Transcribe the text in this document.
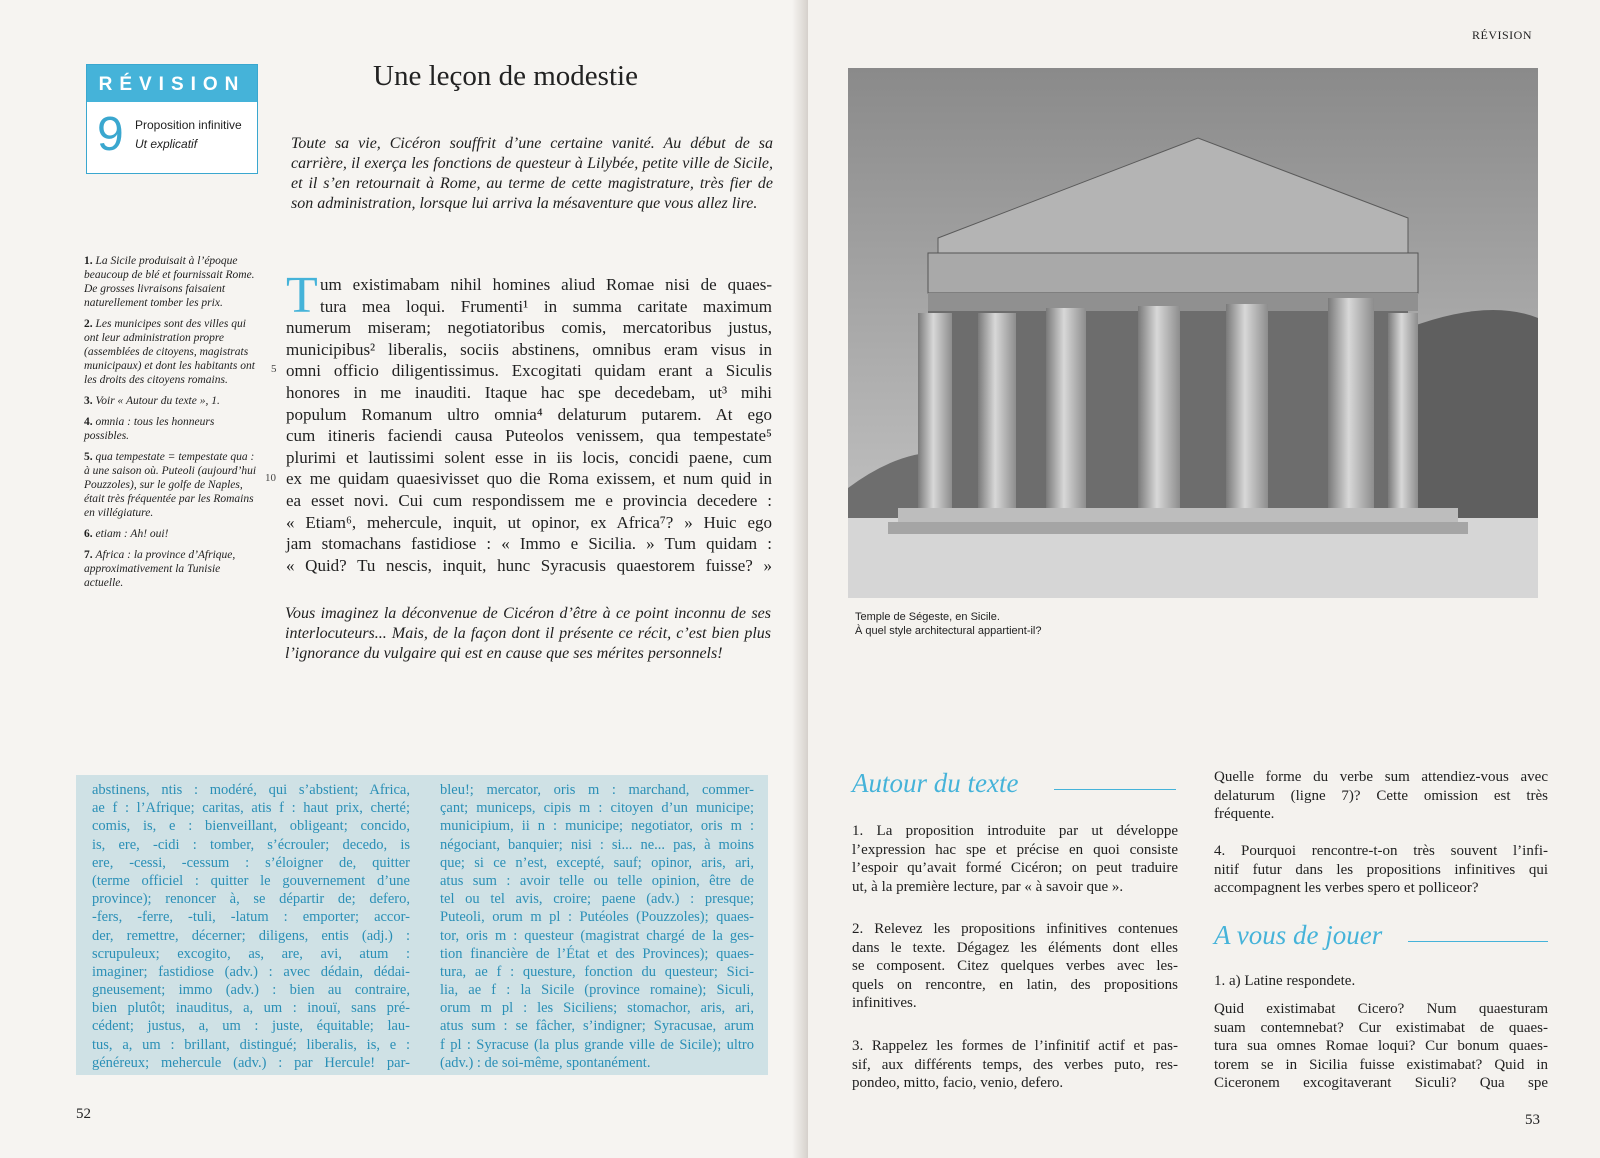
RÉVISION
9 Proposition infinitive
Ut explicatif
Une leçon de modestie
Toute sa vie, Cicéron souffrit d’une certaine vanité. Au début de sa carrière, il exerça les fonctions de questeur à Lilybée, petite ville de Sicile, et il s’en retournait à Rome, au terme de cette magistrature, très fier de son administration, lorsque lui arriva la mésaventure que vous allez lire.
1. La Sicile produisait à l’époque beaucoup de blé et fournissait Rome. De grosses livraisons faisaient naturellement tomber les prix.
2. Les municipes sont des villes qui ont leur administration propre (assemblées de citoyens, magistrats municipaux) et dont les habitants ont les droits des citoyens romains.
3. Voir « Autour du texte », 1.
4. omnia : tous les honneurs possibles.
5. qua tempestate = tempestate qua : à une saison où. Puteoli (aujourd’hui Pouzzoles), sur le golfe de Naples, était très fréquentée par les Romains en villégiature.
6. etiam : Ah! oui!
7. Africa : la province d’Afrique, approximativement la Tunisie actuelle.
T um existimabam nihil homines aliud Romae nisi de quaes-
tura mea loqui. Frumenti¹ in summa caritate maximum
numerum miseram; negotiatoribus comis, mercatoribus justus,
municipibus² liberalis, sociis abstinens, omnibus eram visus in
omni officio diligentissimus. Excogitati quidam erant a Siculis
honores in me inauditi. Itaque hac spe decedebam, ut³ mihi
populum Romanum ultro omnia⁴ delaturum putarem. At ego
cum itineris faciendi causa Puteolos venissem, qua tempestate⁵
plurimi et lautissimi solent esse in iis locis, concidi paene, cum
ex me quidam quaesivisset quo die Roma exissem, et num quid in
ea esset novi. Cui cum respondissem me e provincia decedere :
« Etiam⁶, mehercule, inquit, ut opinor, ex Africa⁷? » Huic ego
jam stomachans fastidiose : « Immo e Sicilia. » Tum quidam :
« Quid? Tu nescis, inquit, hunc Syracusis quaestorem fuisse? »
5
10
Vous imaginez la déconvenue de Cicéron d’être à ce point inconnu de ses interlocuteurs... Mais, de la façon dont il présente ce récit, c’est bien plus l’ignorance du vulgaire qui est en cause que ses mérites personnels!
abstinens, ntis : modéré, qui s’abstient; Africa,
ae f : l’Afrique; caritas, atis f : haut prix, cherté;
comis, is, e : bienveillant, obligeant; concido,
is, ere, -cidi : tomber, s’écrouler; decedo, is
ere, -cessi, -cessum : s’éloigner de, quitter
(terme officiel : quitter le gouvernement d’une
province); renoncer à, se départir de; defero,
-fers, -ferre, -tuli, -latum : emporter; accor-
der, remettre, décerner; diligens, entis (adj.) :
scrupuleux; excogito, as, are, avi, atum :
imaginer; fastidiose (adv.) : avec dédain, dédai-
gneusement; immo (adv.) : bien au contraire,
bien plutôt; inauditus, a, um : inouï, sans pré-
cédent; justus, a, um : juste, équitable; lau-
tus, a, um : brillant, distingué; liberalis, is, e :
généreux; mehercule (adv.) : par Hercule! par-
bleu!; mercator, oris m : marchand, commer-
çant; municeps, cipis m : citoyen d’un municipe;
municipium, ii n : municipe; negotiator, oris m :
négociant, banquier; nisi : si... ne... pas, à moins
que; si ce n’est, excepté, sauf; opinor, aris, ari,
atus sum : avoir telle ou telle opinion, être de
tel ou tel avis, croire; paene (adv.) : presque;
Puteoli, orum m pl : Putéoles (Pouzzoles); quaes-
tor, oris m : questeur (magistrat chargé de la ges-
tion financière de l’État et des Provinces); quaes-
tura, ae f : questure, fonction du questeur; Sici-
lia, ae f : la Sicile (province romaine); Siculi,
orum m pl : les Siciliens; stomachor, aris, ari,
atus sum : se fâcher, s’indigner; Syracusae, arum
f pl : Syracuse (la plus grande ville de Sicile); ultro
(adv.) : de soi-même, spontanément.
52
RÉVISION
Temple de Ségeste, en Sicile.
À quel style architectural appartient-il?
Autour du texte
1. La proposition introduite par ut développe
l’expression hac spe et précise en quoi consiste
l’espoir qu’avait formé Cicéron; on peut traduire
ut, à la première lecture, par « à savoir que ».
2. Relevez les propositions infinitives contenues
dans le texte. Dégagez les éléments dont elles
se composent. Citez quelques verbes avec les-
quels on rencontre, en latin, des propositions
infinitives.
3. Rappelez les formes de l’infinitif actif et pas-
sif, aux différents temps, des verbes puto, res-
pondeo, mitto, facio, venio, defero.
Quelle forme du verbe sum attendiez-vous avec
delaturum (ligne 7)? Cette omission est très
fréquente.
4. Pourquoi rencontre-t-on très souvent l’infi-
nitif futur dans les propositions infinitives qui
accompagnent les verbes spero et polliceor?
A vous de jouer
1. a) Latine respondete.
Quid existimabat Cicero? Num quaesturam
suam contemnebat? Cur existimabat de quaes-
tura sua omnes Romae loqui? Cur bonum quaes-
torem se in Sicilia fuisse existimabat? Quid in
Ciceronem excogitaverant Siculi? Qua spe
53
